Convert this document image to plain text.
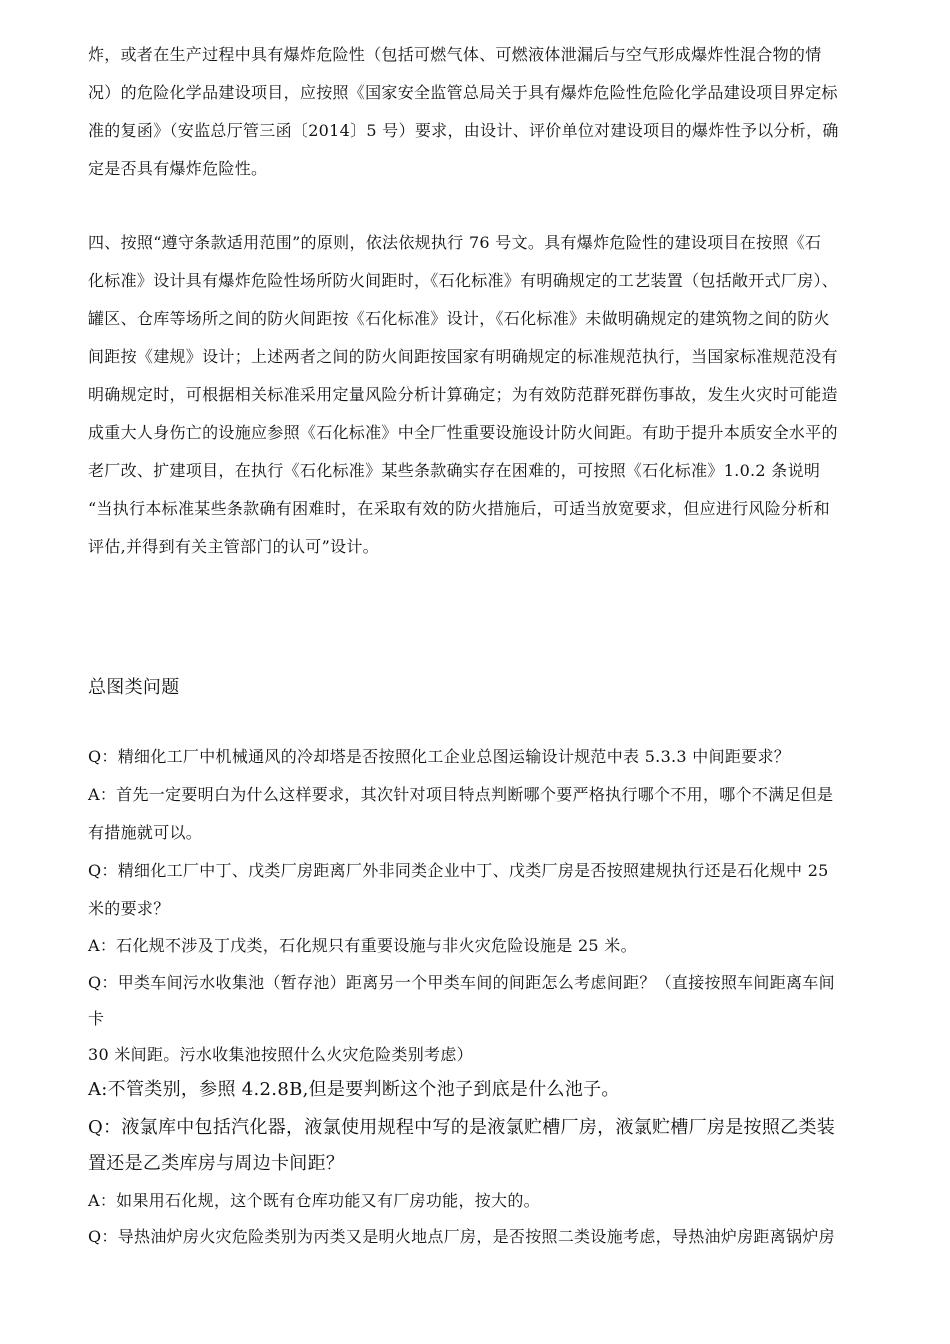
炸，或者在生产过程中具有爆炸危险性（包括可燃气体、可燃液体泄漏后与空气形成爆炸性混合物的情
况）的危险化学品建设项目，应按照《国家安全监管总局关于具有爆炸危险性危险化学品建设项目界定标
准的复函》（安监总厅管三函〔2014〕5 号）要求，由设计、评价单位对建设项目的爆炸性予以分析，确
定是否具有爆炸危险性。
四、按照“遵守条款适用范围”的原则，依法依规执行 76 号文。具有爆炸危险性的建设项目在按照《石
化标准》设计具有爆炸危险性场所防火间距时，《石化标准》有明确规定的工艺装置（包括敞开式厂房）、
罐区、仓库等场所之间的防火间距按《石化标准》设计，《石化标准》未做明确规定的建筑物之间的防火
间距按《建规》设计；上述两者之间的防火间距按国家有明确规定的标准规范执行，当国家标准规范没有
明确规定时，可根据相关标准采用定量风险分析计算确定；为有效防范群死群伤事故，发生火灾时可能造
成重大人身伤亡的设施应参照《石化标准》中全厂性重要设施设计防火间距。有助于提升本质安全水平的
老厂改、扩建项目，在执行《石化标准》某些条款确实存在困难的，可按照《石化标准》1.0.2 条说明
“当执行本标准某些条款确有困难时，在采取有效的防火措施后，可适当放宽要求，但应进行风险分析和
评估,并得到有关主管部门的认可”设计。
总图类问题
Q：精细化工厂中机械通风的冷却塔是否按照化工企业总图运输设计规范中表 5.3.3 中间距要求？
A：首先一定要明白为什么这样要求，其次针对项目特点判断哪个要严格执行哪个不用，哪个不满足但是
有措施就可以。
Q：精细化工厂中丁、戊类厂房距离厂外非同类企业中丁、戊类厂房是否按照建规执行还是石化规中 25
米的要求？
A：石化规不涉及丁戊类，石化规只有重要设施与非火灾危险设施是 25 米。
Q：甲类车间污水收集池（暂存池）距离另一个甲类车间的间距怎么考虑间距？（直接按照车间距离车间
卡
30 米间距。污水收集池按照什么火灾危险类别考虑）
A:不管类别，参照 4.2.8B,但是要判断这个池子到底是什么池子。
Q：液氯库中包括汽化器，液氯使用规程中写的是液氯贮槽厂房，液氯贮槽厂房是按照乙类装
置还是乙类库房与周边卡间距？
A：如果用石化规，这个既有仓库功能又有厂房功能，按大的。
Q：导热油炉房火灾危险类别为丙类又是明火地点厂房，是否按照二类设施考虑，导热油炉房距离锅炉房
